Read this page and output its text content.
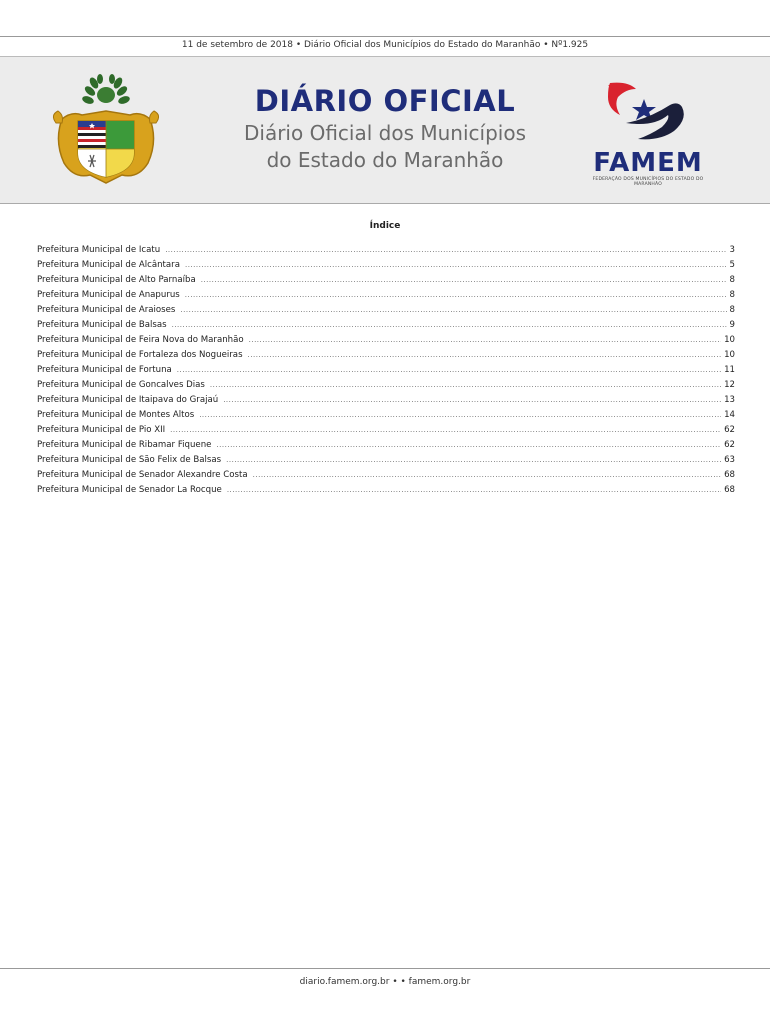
11 de setembro de 2018 • Diário Oficial dos Municípios do Estado do Maranhão • Nº1.925
DIÁRIO OFICIAL
Diário Oficial dos Municípios
do Estado do Maranhão	FAMEM
FEDERAÇÃO DOS MUNICÍPIOS DO ESTADO DO MARANHÃO
Índice
Prefeitura Municipal de Icatu .....	3
Prefeitura Municipal de Alcântara .....	5
Prefeitura Municipal de Alto Parnaíba .....	8
Prefeitura Municipal de Anapurus .....	8
Prefeitura Municipal de Araioses .....	8
Prefeitura Municipal de Balsas .....	9
Prefeitura Municipal de Feira Nova do Maranhão .....	10
Prefeitura Municipal de Fortaleza dos Nogueiras .....	10
Prefeitura Municipal de Fortuna .....	11
Prefeitura Municipal de Goncalves Dias .....	12
Prefeitura Municipal de Itaipava do Grajaú .....	13
Prefeitura Municipal de Montes Altos .....	14
Prefeitura Municipal de Pio XII .....	62
Prefeitura Municipal de Ribamar Fiquene .....	62
Prefeitura Municipal de São Felix de Balsas .....	63
Prefeitura Municipal de Senador Alexandre Costa .....	68
Prefeitura Municipal de Senador La Rocque .....	68
diario.famem.org.br • • famem.org.br
